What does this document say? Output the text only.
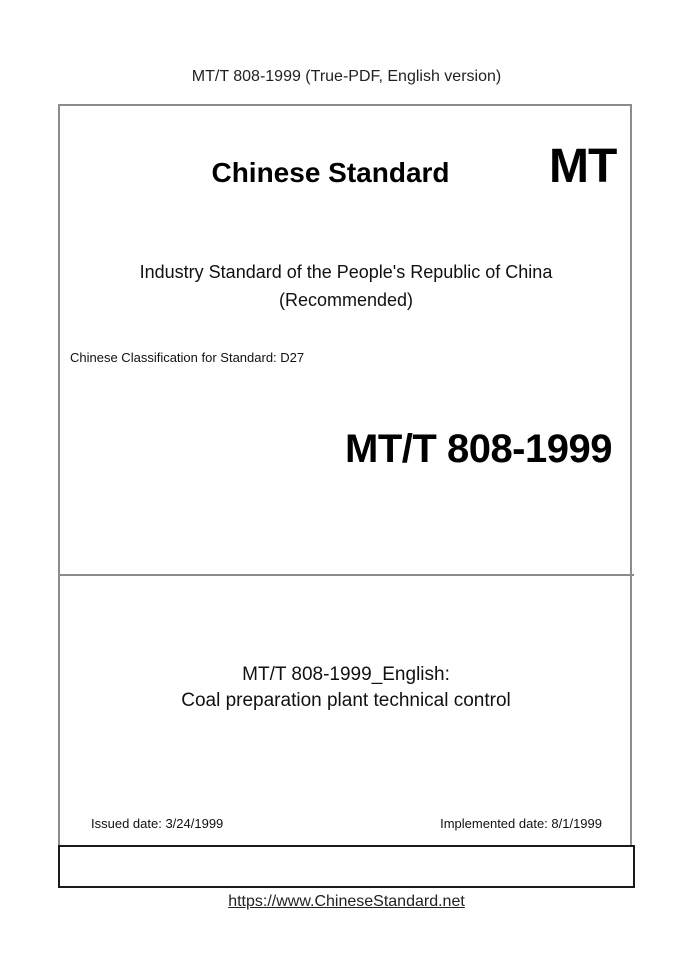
MT/T 808-1999 (True-PDF, English version)
Chinese Standard	MT
Industry Standard of the People's Republic of China
(Recommended)
Chinese Classification for Standard: D27
MT/T 808-1999
MT/T 808-1999_English:
Coal preparation plant technical control
Issued date: 3/24/1999	Implemented date: 8/1/1999
https://www.ChineseStandard.net
